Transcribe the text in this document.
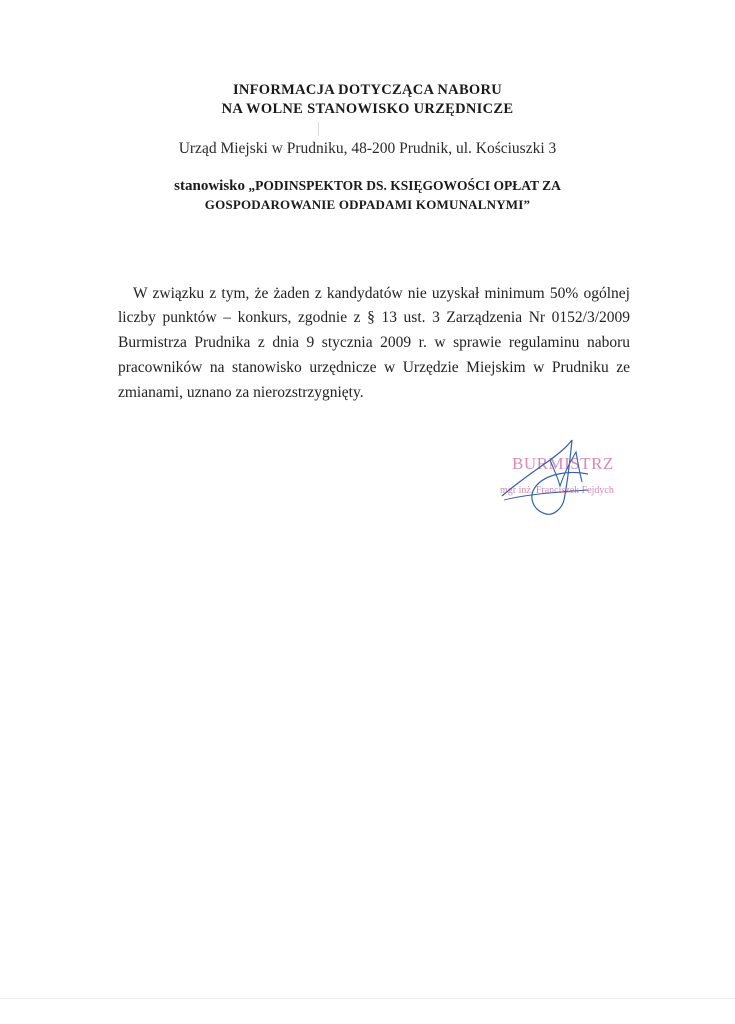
INFORMACJA DOTYCZĄCA NABORU
NA WOLNE STANOWISKO URZĘDNICZE
Urząd Miejski w Prudniku, 48-200 Prudnik, ul. Kościuszki 3
stanowisko „PODINSPEKTOR DS. KSIĘGOWOŚCI OPŁAT ZA
GOSPODAROWANIE ODPADAMI KOMUNALNYMI”

W związku z tym, że żaden z kandydatów nie uzyskał minimum 50% ogólnej liczby punktów – konkurs, zgodnie z § 13 ust. 3 Zarządzenia Nr 0152/3/2009 Burmistrza Prudnika z dnia 9 stycznia 2009 r. w sprawie regulaminu naboru pracowników na stanowisko urzędnicze w Urzędzie Miejskim w Prudniku ze zmianami, uznano za nierozstrzygnięty.

BURMISTRZ
mgr inż. Franciszek Fejdych
